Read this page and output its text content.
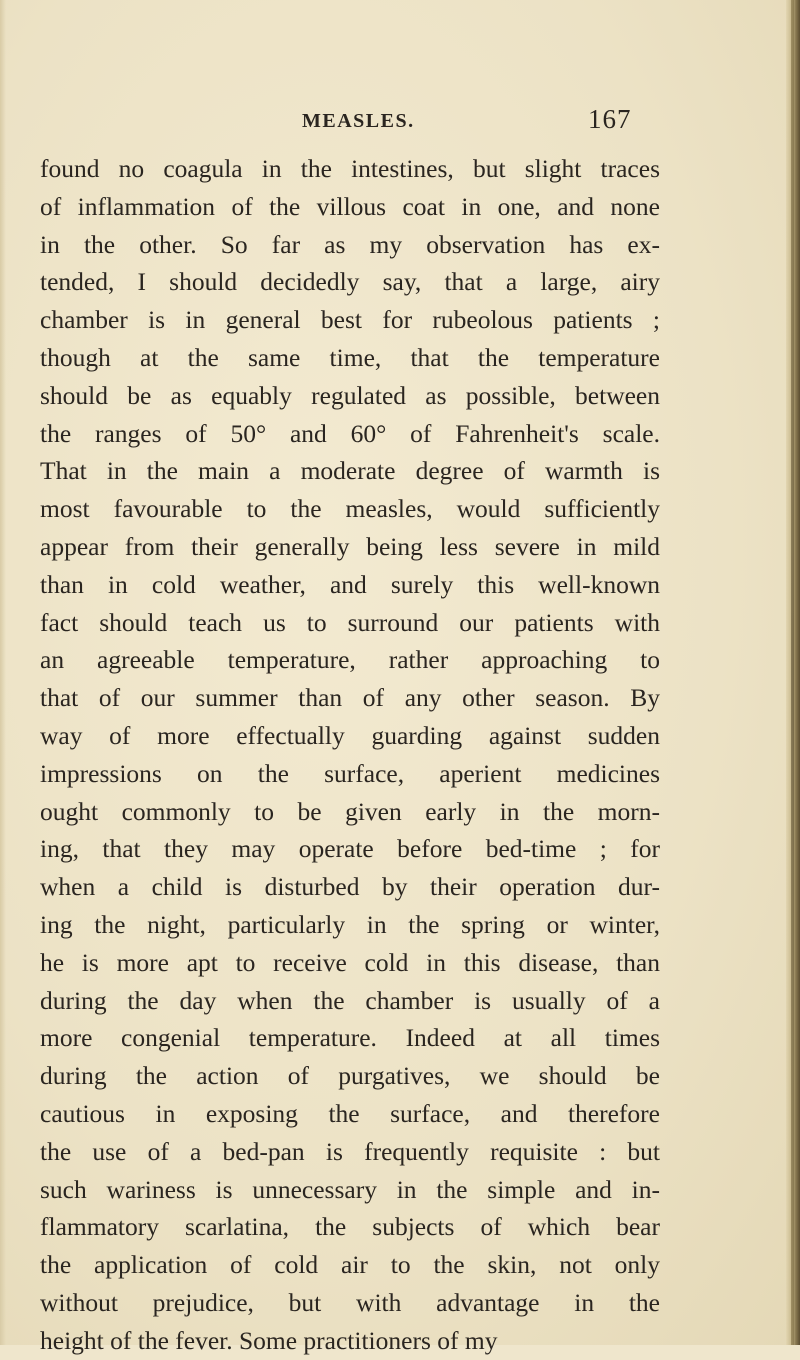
MEASLES.	167
found no coagula in the intestines, but slight traces
of inflammation of the villous coat in one, and none
in the other. So far as my observation has ex-
tended, I should decidedly say, that a large, airy
chamber is in general best for rubeolous patients ;
though at the same time, that the temperature
should be as equably regulated as possible, between
the ranges of 50° and 60° of Fahrenheit's scale.
That in the main a moderate degree of warmth is
most favourable to the measles, would sufficiently
appear from their generally being less severe in mild
than in cold weather, and surely this well-known
fact should teach us to surround our patients with
an agreeable temperature, rather approaching to
that of our summer than of any other season. By
way of more effectually guarding against sudden
impressions on the surface, aperient medicines
ought commonly to be given early in the morn-
ing, that they may operate before bed-time ; for
when a child is disturbed by their operation dur-
ing the night, particularly in the spring or winter,
he is more apt to receive cold in this disease, than
during the day when the chamber is usually of a
more congenial temperature. Indeed at all times
during the action of purgatives, we should be
cautious in exposing the surface, and therefore
the use of a bed-pan is frequently requisite : but
such wariness is unnecessary in the simple and in-
flammatory scarlatina, the subjects of which bear
the application of cold air to the skin, not only
without prejudice, but with advantage in the
height of the fever. Some practitioners of my
